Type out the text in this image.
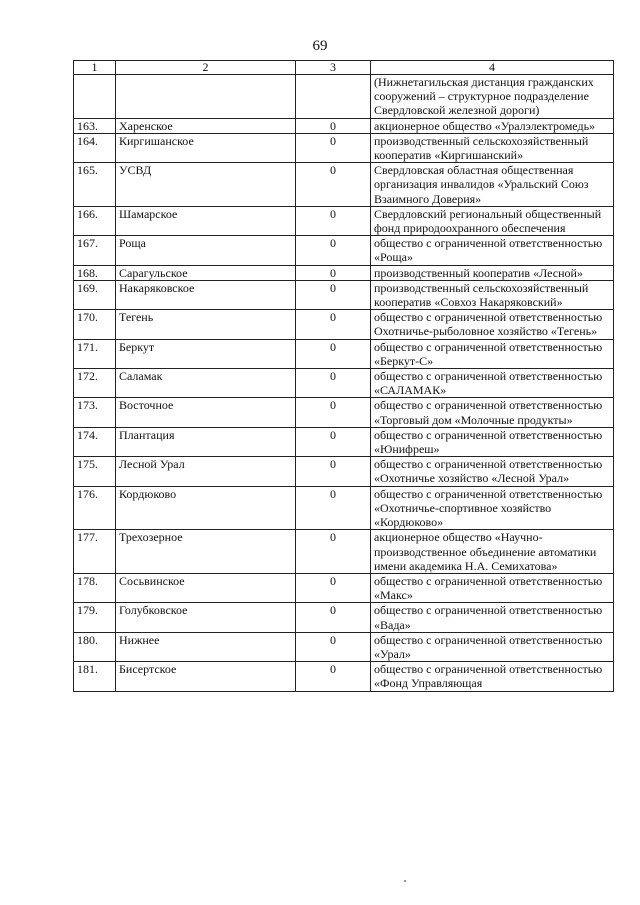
69
1	2	3	4
			(Нижнетагильская дистанция гражданских сооружений – структурное подразделение Свердловской железной дороги)
163.	Харенское	0	акционерное общество «Уралэлектромедь»
164.	Киргишанское	0	производственный сельскохозяйственный кооператив «Киргишанский»
165.	УСВД	0	Свердловская областная общественная организация инвалидов «Уральский Союз Взаимного Доверия»
166.	Шамарское	0	Свердловский региональный общественный фонд природоохранного обеспечения
167.	Роща	0	общество с ограниченной ответственностью «Роща»
168.	Сарагульское	0	производственный кооператив «Лесной»
169.	Накаряковское	0	производственный сельскохозяйственный кооператив «Совхоз Накаряковский»
170.	Тегень	0	общество с ограниченной ответственностью Охотничье-рыболовное хозяйство «Тегень»
171.	Беркут	0	общество с ограниченной ответственностью «Беркут-С»
172.	Саламак	0	общество с ограниченной ответственностью «САЛАМАК»
173.	Восточное	0	общество с ограниченной ответственностью «Торговый дом «Молочные продукты»
174.	Плантация	0	общество с ограниченной ответственностью «Юнифреш»
175.	Лесной Урал	0	общество с ограниченной ответственностью «Охотничье хозяйство «Лесной Урал»
176.	Кордюково	0	общество с ограниченной ответственностью «Охотничье-спортивное хозяйство «Кордюково»
177.	Трехозерное	0	акционерное общество «Научно-производственное объединение автоматики имени академика Н.А. Семихатова»
178.	Сосьвинское	0	общество с ограниченной ответственностью «Макс»
179.	Голубковское	0	общество с ограниченной ответственностью «Вада»
180.	Нижнее	0	общество с ограниченной ответственностью «Урал»
181.	Бисертское	0	общество с ограниченной ответственностью «Фонд Управляющая
